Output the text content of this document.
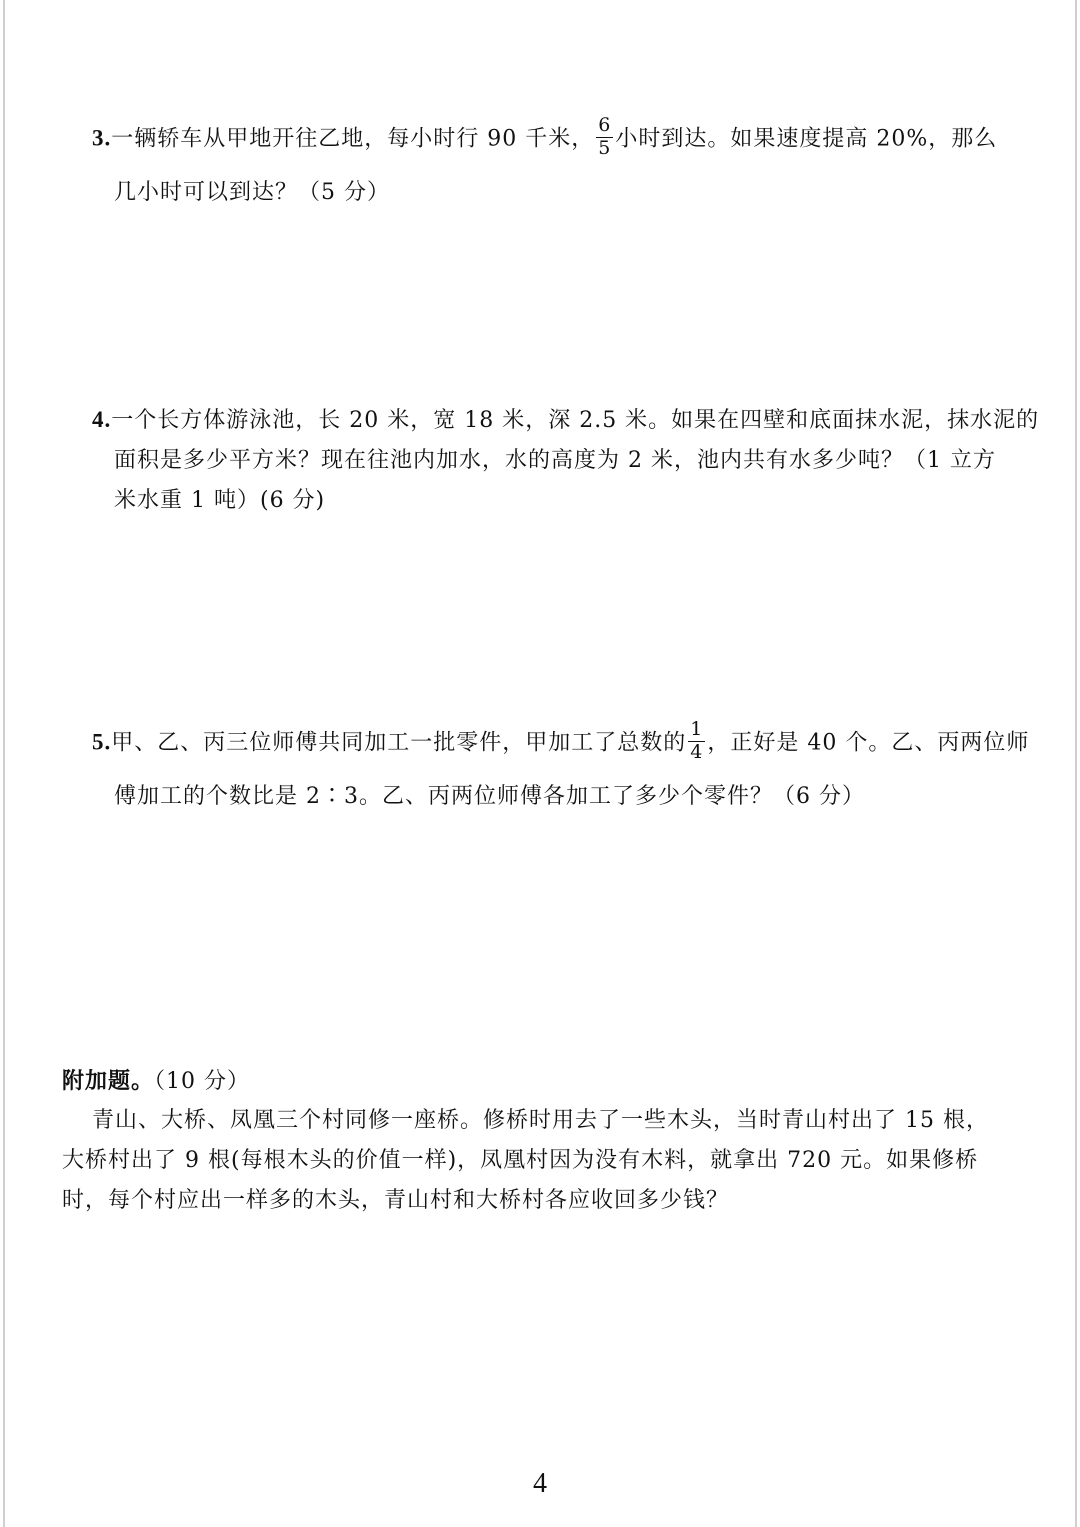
3.一辆轿车从甲地开往乙地，每小时行 90 千米， $\frac{6}{5}$ 小时到达。如果速度提高 20%，那么
几小时可以到达？（5 分）
4.一个长方体游泳池，长 20 米，宽 18 米，深 2.5 米。如果在四壁和底面抹水泥，抹水泥的
面积是多少平方米？现在往池内加水，水的高度为 2 米，池内共有水多少吨？（1 立方
米水重 1 吨）(6 分)
5.甲、乙、丙三位师傅共同加工一批零件，甲加工了总数的 $\frac{1}{4}$ ，正好是 40 个。乙、丙两位师
傅加工的个数比是 2∶3。乙、丙两位师傅各加工了多少个零件？（6 分）
附加题。（10 分）
青山、大桥、凤凰三个村同修一座桥。修桥时用去了一些木头，当时青山村出了 15 根，
大桥村出了 9 根(每根木头的价值一样)，凤凰村因为没有木料，就拿出 720 元。如果修桥
时，每个村应出一样多的木头，青山村和大桥村各应收回多少钱？
4
